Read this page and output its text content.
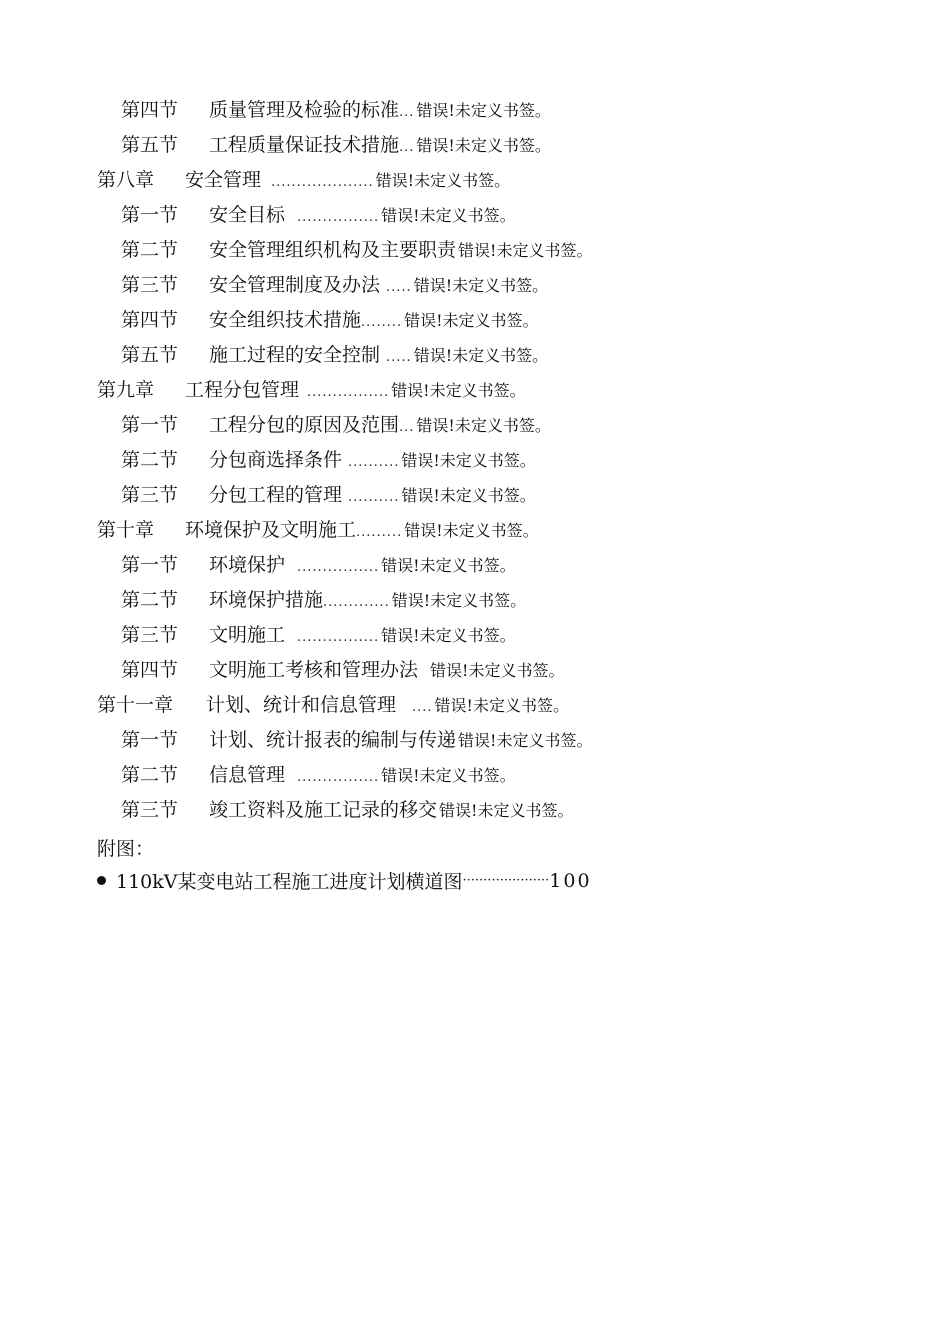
第四节	质量管理及检验的标准 ... 错误!未定义书签。
第五节	工程质量保证技术措施 ... 错误!未定义书签。
第八章	安全管理 .................... 错误!未定义书签。
第一节	安全目标 ................ 错误!未定义书签。
第二节	安全管理组织机构及主要职责 错误!未定义书签。
第三节	安全管理制度及办法 ..... 错误!未定义书签。
第四节	安全组织技术措施 ........ 错误!未定义书签。
第五节	施工过程的安全控制 ..... 错误!未定义书签。
第九章	工程分包管理 ................ 错误!未定义书签。
第一节	工程分包的原因及范围 ... 错误!未定义书签。
第二节	分包商选择条件 .......... 错误!未定义书签。
第三节	分包工程的管理 .......... 错误!未定义书签。
第十章	环境保护及文明施工 ......... 错误!未定义书签。
第一节	环境保护 ................ 错误!未定义书签。
第二节	环境保护措施 ............. 错误!未定义书签。
第三节	文明施工 ................ 错误!未定义书签。
第四节	文明施工考核和管理办法 错误!未定义书签。
第十一章	计划、统计和信息管理 .... 错误!未定义书签。
第一节	计划、统计报表的编制与传递 错误!未定义书签。
第二节	信息管理 ................ 错误!未定义书签。
第三节	竣工资料及施工记录的移交 错误!未定义书签。
附图：
110kV某变电站工程施工进度计划横道图 ····················· 100
